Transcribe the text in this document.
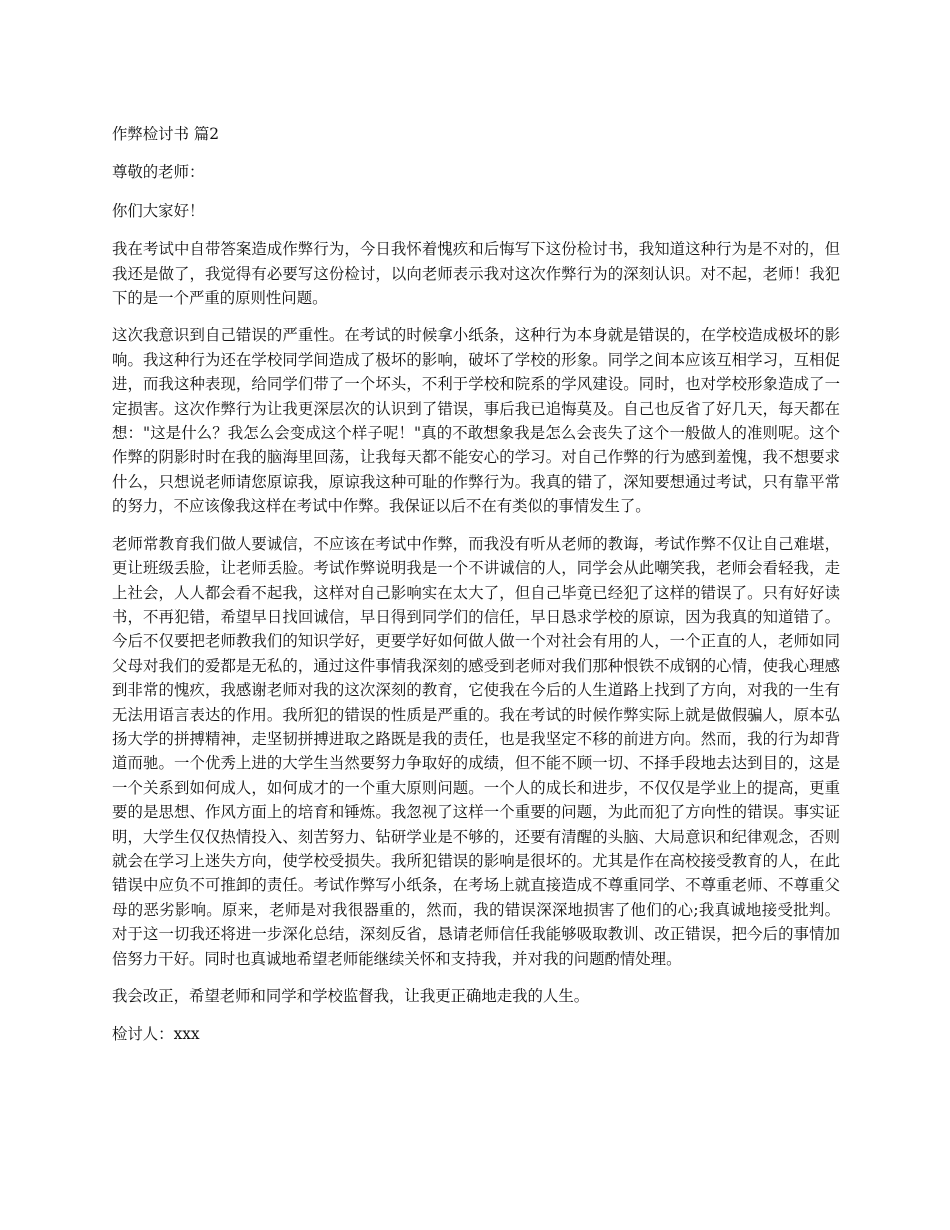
作弊检讨书 篇2

尊敬的老师：

你们大家好！

我在考试中自带答案造成作弊行为，今日我怀着愧疚和后悔写下这份检讨书，我知道这种行为是不对的，但我还是做了，我觉得有必要写这份检讨，以向老师表示我对这次作弊行为的深刻认识。对不起，老师！我犯下的是一个严重的原则性问题。

这次我意识到自己错误的严重性。在考试的时候拿小纸条，这种行为本身就是错误的，在学校造成极坏的影响。我这种行为还在学校同学间造成了极坏的影响，破坏了学校的形象。同学之间本应该互相学习，互相促进，而我这种表现，给同学们带了一个坏头，不利于学校和院系的学风建设。同时，也对学校形象造成了一定损害。这次作弊行为让我更深层次的认识到了错误，事后我已追悔莫及。自己也反省了好几天，每天都在想："这是什么？我怎么会变成这个样子呢！"真的不敢想象我是怎么会丧失了这个一般做人的准则呢。这个作弊的阴影时时在我的脑海里回荡，让我每天都不能安心的学习。对自己作弊的行为感到羞愧，我不想要求什么，只想说老师请您原谅我，原谅我这种可耻的作弊行为。我真的错了，深知要想通过考试，只有靠平常的努力，不应该像我这样在考试中作弊。我保证以后不在有类似的事情发生了。

老师常教育我们做人要诚信，不应该在考试中作弊，而我没有听从老师的教诲，考试作弊不仅让自己难堪，更让班级丢脸，让老师丢脸。考试作弊说明我是一个不讲诚信的人，同学会从此嘲笑我，老师会看轻我，走上社会，人人都会看不起我，这样对自己影响实在太大了，但自己毕竟已经犯了这样的错误了。只有好好读书，不再犯错，希望早日找回诚信，早日得到同学们的信任，早日恳求学校的原谅，因为我真的知道错了。今后不仅要把老师教我们的知识学好，更要学好如何做人做一个对社会有用的人，一个正直的人，老师如同父母对我们的爱都是无私的，通过这件事情我深刻的感受到老师对我们那种恨铁不成钢的心情，使我心理感到非常的愧疚，我感谢老师对我的这次深刻的教育，它使我在今后的人生道路上找到了方向，对我的一生有无法用语言表达的作用。我所犯的错误的性质是严重的。我在考试的时候作弊实际上就是做假骗人，原本弘扬大学的拼搏精神，走坚韧拼搏进取之路既是我的责任，也是我坚定不移的前进方向。然而，我的行为却背道而驰。一个优秀上进的大学生当然要努力争取好的成绩，但不能不顾一切、不择手段地去达到目的，这是一个关系到如何成人，如何成才的一个重大原则问题。一个人的成长和进步，不仅仅是学业上的提高，更重要的是思想、作风方面上的培育和锤炼。我忽视了这样一个重要的问题，为此而犯了方向性的错误。事实证明，大学生仅仅热情投入、刻苦努力、钻研学业是不够的，还要有清醒的头脑、大局意识和纪律观念，否则就会在学习上迷失方向，使学校受损失。我所犯错误的影响是很坏的。尤其是作在高校接受教育的人，在此错误中应负不可推卸的责任。考试作弊写小纸条，在考场上就直接造成不尊重同学、不尊重老师、不尊重父母的恶劣影响。原来，老师是对我很器重的，然而，我的错误深深地损害了他们的心;我真诚地接受批判。对于这一切我还将进一步深化总结，深刻反省，恳请老师信任我能够吸取教训、改正错误，把今后的事情加倍努力干好。同时也真诚地希望老师能继续关怀和支持我，并对我的问题酌情处理。

我会改正，希望老师和同学和学校监督我，让我更正确地走我的人生。

检讨人：xxx
